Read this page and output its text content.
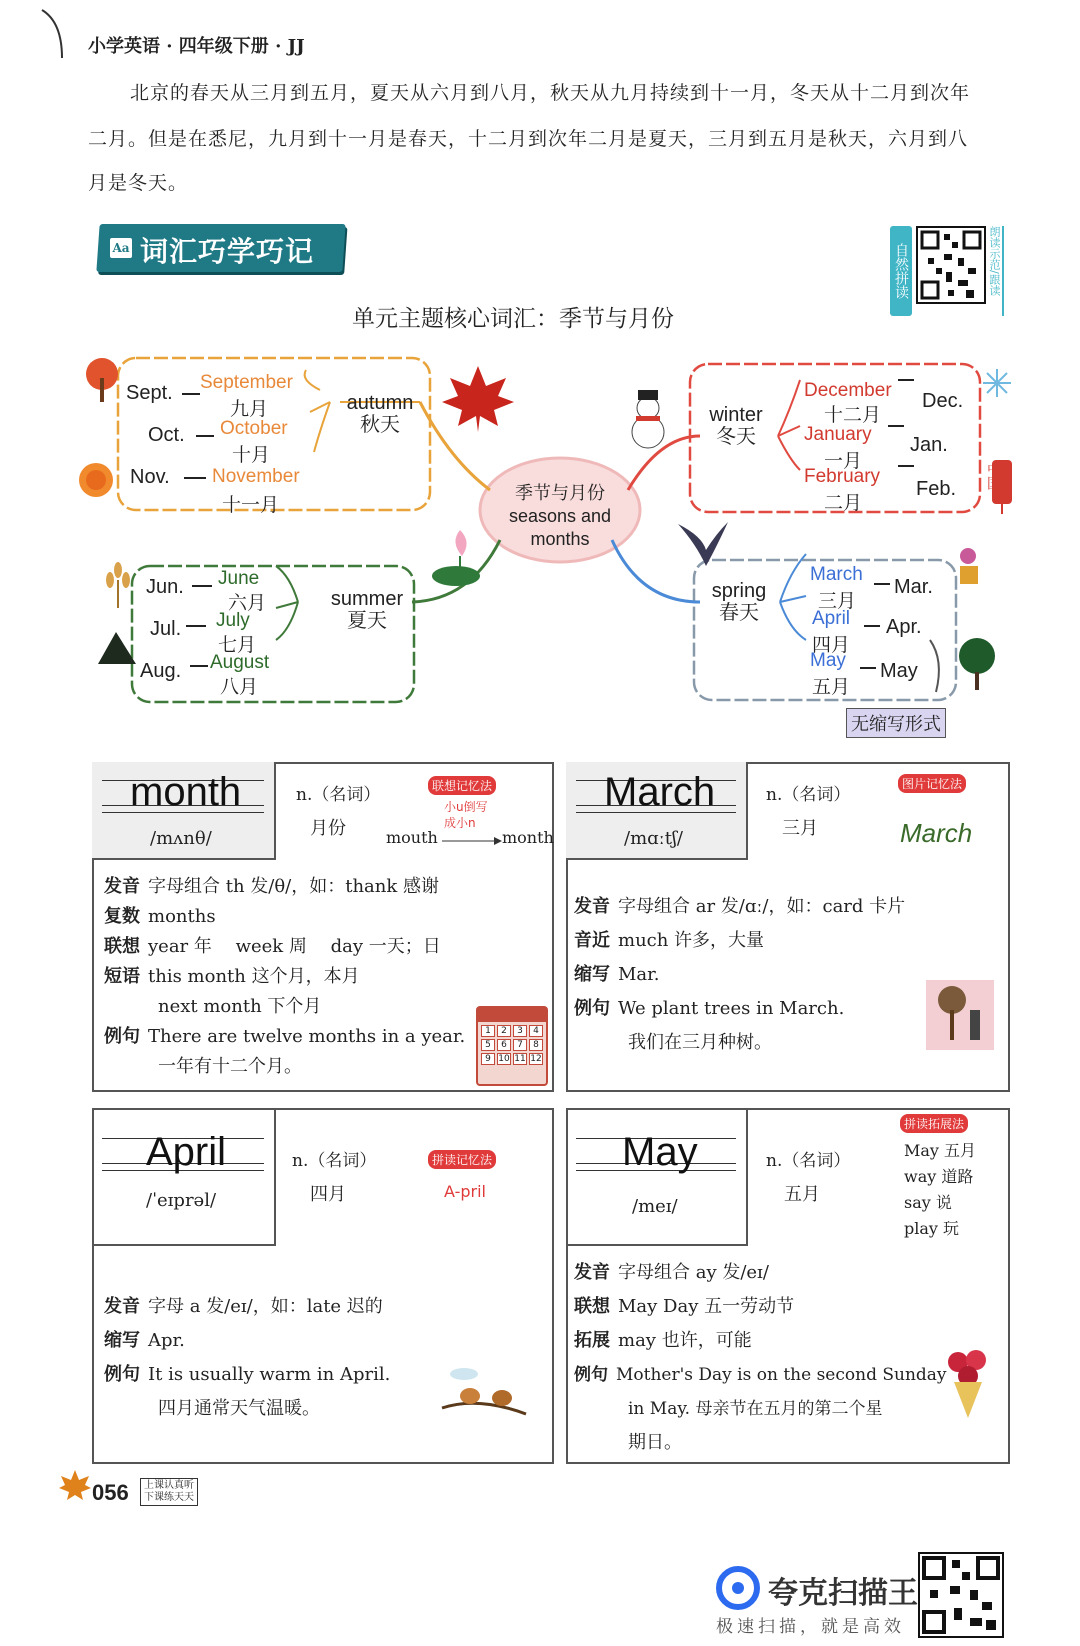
小学英语 · 四年级下册 · JJ
北京的春天从三月到五月，夏天从六月到八月，秋天从九月持续到十一月，冬天从十二月到次年
二月。但是在悉尼，九月到十一月是春天，十二月到次年二月是夏天，三月到五月是秋天，六月到八
月是冬天。
Aa 词汇巧学巧记	自然拼读	朗读示范/跟读
单元主题核心词汇：季节与月份
季节与月份
seasons and
months
autumn
秋天
Sept. September
九月
Oct. October
十月
Nov. November
十一月
winter
冬天
December
十二月
Dec.
January
一月
Jan.
February
二月
Feb. 中国
summer
夏天
Jun. June
六月
Jul. July
七月
Aug. August
八月
spring
春天
March
三月
Mar.
April
四月
Apr.
May
五月
May
无缩写形式
month
/mʌnθ/
n.（名词）
月份
联想记忆法
小u倒写
成小n
mouth	month
发音 字母组合 th 发/θ/，如：thank 感谢
复数 months
联想 year 年　 week 周　 day 一天；日
短语 this month 这个月，本月
next month 下个月
例句 There are twelve months in a year.
一年有十二个月。
1	2	3	4
5	6	7	8
9 10 11 12
March
/mɑːtʃ/
n.（名词）
三月
图片记忆法
March
发音 字母组合 ar 发/ɑː/，如：card 卡片
音近 much 许多，大量
缩写 Mar.
例句 We plant trees in March.
我们在三月种树。
April
/ˈeɪprəl/
n.（名词）
四月
拼读记忆法
A-pril
发音 字母 a 发/eɪ/，如：late 迟的
缩写 Apr.
例句 It is usually warm in April.
四月通常天气温暖。
May
/meɪ/
n.（名词）
五月
拼读拓展法
May 五月
way 道路
say 说
play 玩
发音 字母组合 ay 发/eɪ/
联想 May Day 五一劳动节
拓展 may 也许，可能
例句 Mother's Day is on the second Sunday
in May. 母亲节在五月的第二个星
期日。
056 上课认真听
下课练天天
夸克扫描王
极速扫描，就是高效
